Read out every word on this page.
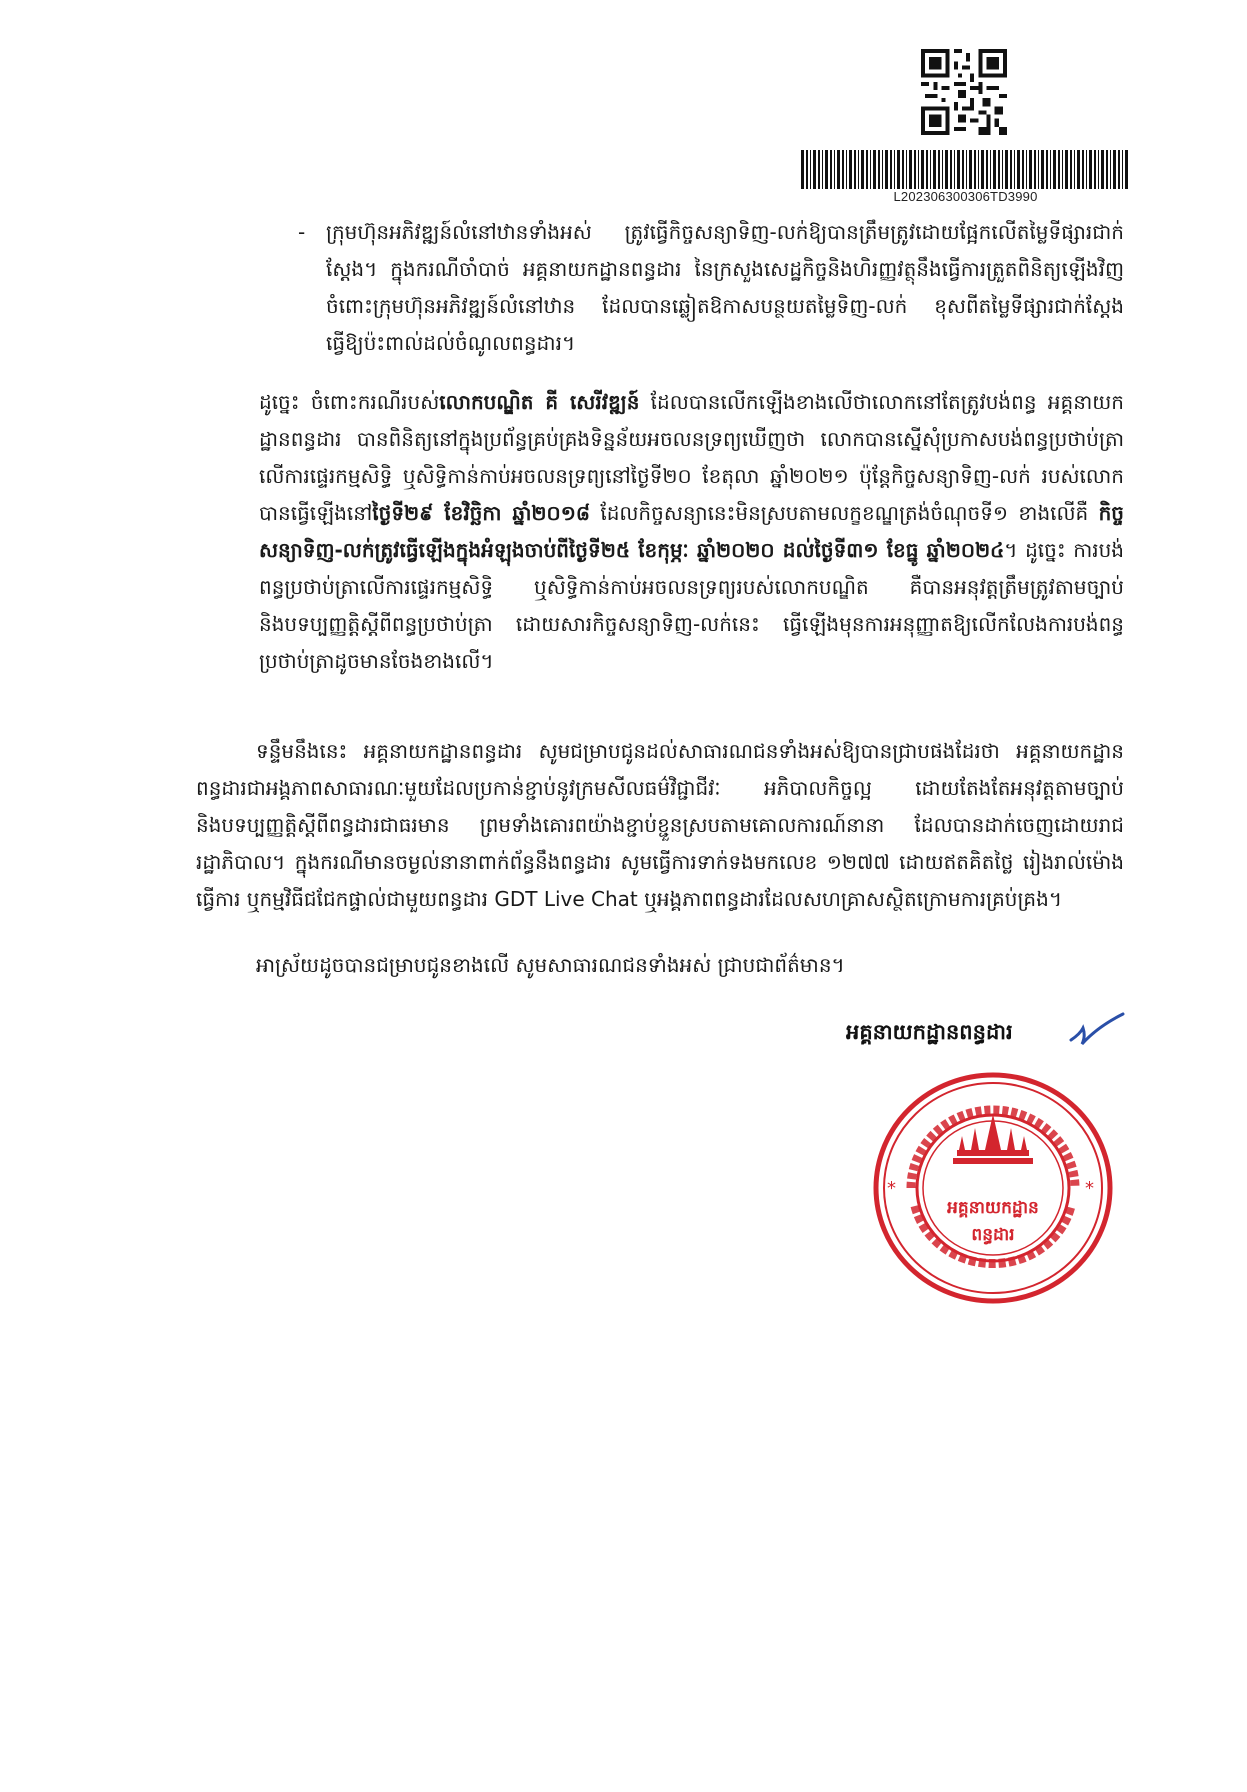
L202306300306TD3990
- ក្រុមហ៊ុនអភិវឌ្ឍន៍លំនៅឋានទាំងអស់ ត្រូវធ្វើកិច្ចសន្យាទិញ-លក់ឱ្យបានត្រឹមត្រូវដោយផ្អែកលើតម្លៃទីផ្សារជាក់ស្តែង។ ក្នុងករណីចាំបាច់ អគ្គនាយកដ្ឋានពន្ធដារ នៃក្រសួងសេដ្ឋកិច្ចនិងហិរញ្ញវត្ថុនឹងធ្វើការត្រួតពិនិត្យឡើងវិញចំពោះក្រុមហ៊ុនអភិវឌ្ឍន៍លំនៅឋាន ដែលបានឆ្លៀតឱកាសបន្ថយតម្លៃទិញ-លក់ ខុសពីតម្លៃទីផ្សារជាក់ស្តែង ធ្វើឱ្យប៉ះពាល់ដល់ចំណូលពន្ធដារ។
ដូច្នេះ ចំពោះករណីរបស់លោកបណ្ឌិត គី សេរីវឌ្ឍន៍ ដែលបានលើកឡើងខាងលើថាលោកនៅតែត្រូវបង់ពន្ធ អគ្គនាយកដ្ឋានពន្ធដារ បានពិនិត្យនៅក្នុងប្រព័ន្ធគ្រប់គ្រងទិន្នន័យអចលនទ្រព្យឃើញថា លោកបានស្នើសុំប្រកាសបង់ពន្ធប្រថាប់ត្រាលើការផ្ទេរកម្មសិទ្ធិ ឬសិទ្ធិកាន់កាប់អចលនទ្រព្យនៅថ្ងៃទី២០ ខែតុលា ឆ្នាំ២០២១ ប៉ុន្តែកិច្ចសន្យាទិញ-លក់ របស់លោកបានធ្វើឡើងនៅថ្ងៃទី២៩ ខែវិច្ឆិកា ឆ្នាំ២០១៨ ដែលកិច្ចសន្យានេះមិនស្របតាមលក្ខខណ្ឌត្រង់ចំណុចទី១ ខាងលើគឺ កិច្ចសន្យាទិញ-លក់ត្រូវធ្វើឡើងក្នុងអំឡុងចាប់ពីថ្ងៃទី២៥ ខែកុម្ភៈ ឆ្នាំ២០២០ ដល់ថ្ងៃទី៣១ ខែធ្នូ ឆ្នាំ២០២៤។ ដូច្នេះ ការបង់ពន្ធប្រថាប់ត្រាលើការផ្ទេរកម្មសិទ្ធិ ឬសិទ្ធិកាន់កាប់អចលនទ្រព្យរបស់លោកបណ្ឌិត គឺបានអនុវត្តត្រឹមត្រូវតាមច្បាប់និងបទប្បញ្ញត្តិស្តីពីពន្ធប្រថាប់ត្រា ដោយសារកិច្ចសន្យាទិញ-លក់នេះ ធ្វើឡើងមុនការអនុញ្ញាតឱ្យលើកលែងការបង់ពន្ធប្រថាប់ត្រាដូចមានចែងខាងលើ។
ទន្ទឹមនឹងនេះ អគ្គនាយកដ្ឋានពន្ធដារ សូមជម្រាបជូនដល់សាធារណជនទាំងអស់ឱ្យបានជ្រាបផងដែរថា អគ្គនាយកដ្ឋានពន្ធដារជាអង្គភាពសាធារណៈមួយដែលប្រកាន់ខ្ជាប់នូវក្រមសីលធម៌វិជ្ជាជីវៈ អភិបាលកិច្ចល្អ ដោយតែងតែអនុវត្តតាមច្បាប់និងបទប្បញ្ញត្តិស្តីពីពន្ធដារជាធរមាន ព្រមទាំងគោរពយ៉ាងខ្ជាប់ខ្ជួនស្របតាមគោលការណ៍នានា ដែលបានដាក់ចេញដោយរាជរដ្ឋាភិបាល។ ក្នុងករណីមានចម្ងល់នានាពាក់ព័ន្ធនឹងពន្ធដារ សូមធ្វើការទាក់ទងមកលេខ ១២៧៧ ដោយឥតគិតថ្លៃ រៀងរាល់ម៉ោងធ្វើការ ឬកម្មវិធីជជែកផ្ទាល់ជាមួយពន្ធដារ GDT Live Chat ឬអង្គភាពពន្ធដារដែលសហគ្រាសស្ថិតក្រោមការគ្រប់គ្រង។
អាស្រ័យដូចបានជម្រាបជូនខាងលើ សូមសាធារណជនទាំងអស់ ជ្រាបជាព័ត៌មាន។
អគ្គនាយកដ្ឋានពន្ធដារ
*	*
អគ្គនាយកដ្ឋាន
ពន្ធដារ
